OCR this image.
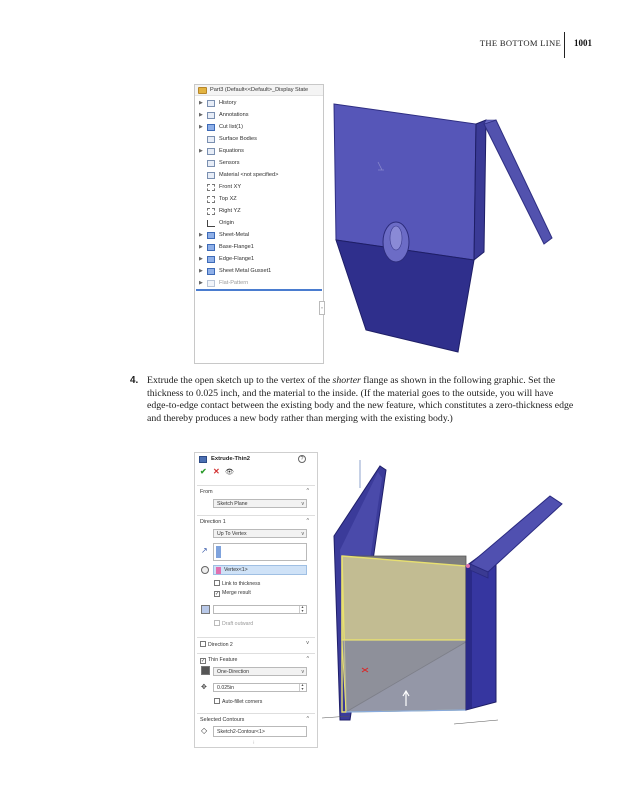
THE BOTTOM LINE 1001
Part3 (Default<<Default>_Display State
▶	History
▶	Annotations
▶	Cut list(1)
Surface Bodies
▶	Equations
Sensors
Material <not specified>
Front XY
Top XZ
Right YZ
Origin
▶	Sheet-Metal
▶	Base-Flange1
▶	Edge-Flange1
▶	Sheet Metal Gusset1
▶	Flat-Pattern
«
4. Extrude the open sketch up to the vertex of the shorter flange as shown in the following graphic. Set the thickness to 0.025 inch, and the material to the inside. (If the material goes to the outside, you will have edge-to-edge contact between the existing body and the new feature, which constitutes a zero-thickness edge and thereby produces a new body rather than merging with the existing body.)

Extrude-Thin2	?
✔ ✕ 👁
From	^
Sketch Plane	v
Direction 1	^
Up To Vertex	v
↗
Vertex<1>
Link to thickness
✓ Merge result
▲
▼
Draft outward
Direction 2	v
✓ Thin Feature	^
One-Direction	v
✥	0.025in	▲
▼
Auto-fillet corners
Selected Contours	^
◇ Sketch2-Contour<1>
⁝
